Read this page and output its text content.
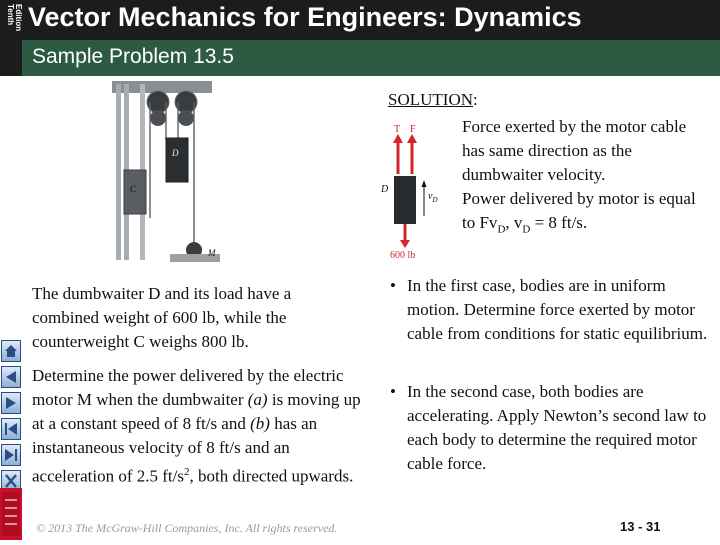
Tenth Edition Vector Mechanics for Engineers: Dynamics
Sample Problem 13.5
C
D
M
T F
D
600 lb
$v_D$
The dumbwaiter D and its load have a combined weight of 600 lb, while the counterweight C weighs 800 lb.
Determine the power delivered by the electric motor M when the dumbwaiter (a) is moving up at a constant speed of 8 ft/s and (b) has an instantaneous velocity of 8 ft/s and an acceleration of 2.5 $ft/s^2$, both directed upwards.
SOLUTION:
Force exerted by the motor cable has same direction as the dumbwaiter velocity.
Power delivered by motor is equal to $Fv_D$, $v_D = 8$ ft/s.
• In the first case, bodies are in uniform motion. Determine force exerted by motor cable from conditions for static equilibrium.
• In the second case, both bodies are accelerating. Apply Newton’s second law to each body to determine the required motor cable force.
© 2013 The McGraw-Hill Companies, Inc. All rights reserved.	13 - 31
